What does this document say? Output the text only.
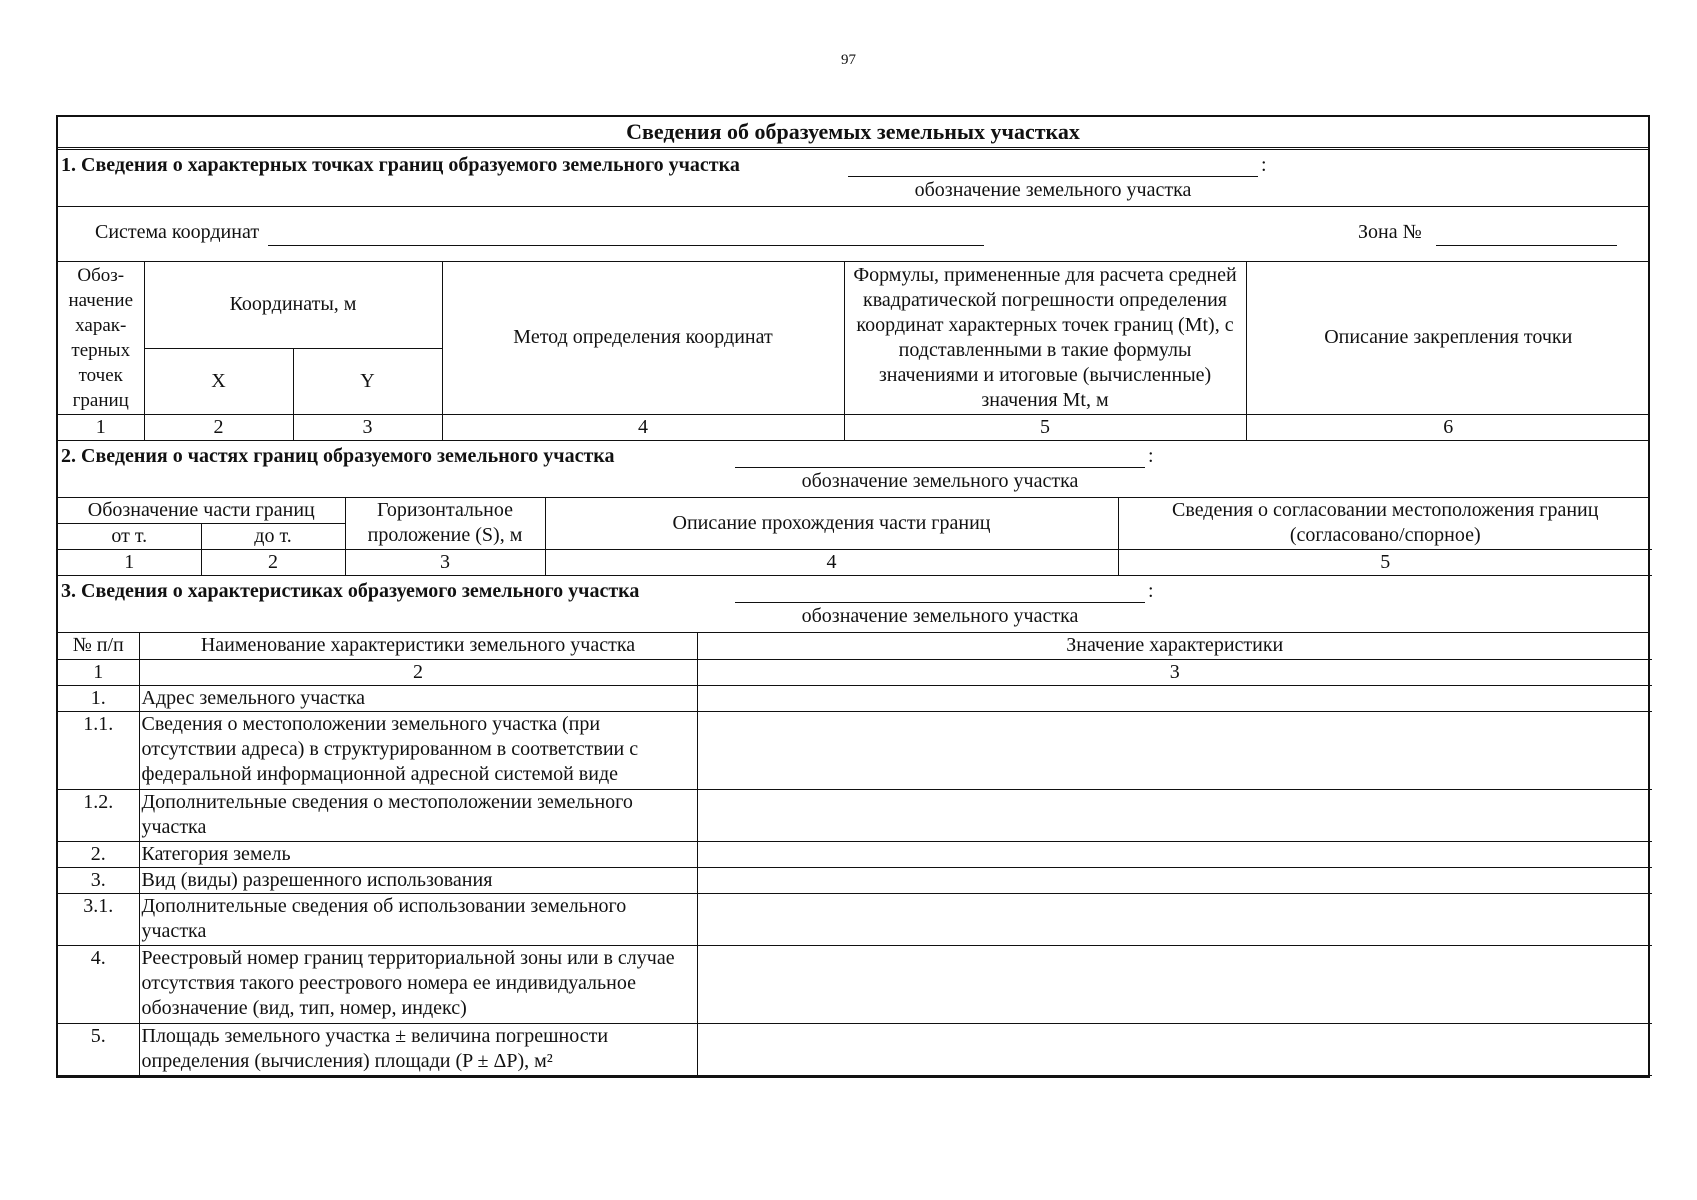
97
Сведения об образуемых земельных участках
1. Сведения о характерных точках границ образуемого земельного участка	:
обозначение земельного участка
Система координат	Зона №
Обоз-начение харак-терных точек границ	Координаты, м		Метод определения координат	Формулы, примененные для расчета средней квадратической погрешности определения координат характерных точек границ (Mt), с подставленными в такие формулы значениями и итоговые (вычисленные) значения Mt, м	Описание закрепления точки
	X	Y			
1	2	3	4	5	6
2. Сведения о частях границ образуемого земельного участка	:
обозначение земельного участка
Обозначение части границ		Горизонтальное проложение (S), м	Описание прохождения части границ	Сведения о согласовании местоположения границ (согласовано/спорное)
от т.	до т.			
1	2	3	4	5
3. Сведения о характеристиках образуемого земельного участка	:
обозначение земельного участка
№ п/п	Наименование характеристики земельного участка	Значение характеристики
1	2	3
1.	Адрес земельного участка	
1.1.	Сведения о местоположении земельного участка (при отсутствии адреса) в структурированном в соответствии с федеральной информационной адресной системой виде	
1.2.	Дополнительные сведения о местоположении земельного участка	
2.	Категория земель	
3.	Вид (виды) разрешенного использования	
3.1.	Дополнительные сведения об использовании земельного участка	
4.	Реестровый номер границ территориальной зоны или в случае отсутствия такого реестрового номера ее индивидуальное обозначение (вид, тип, номер, индекс)	
5.	Площадь земельного участка ± величина погрешности определения (вычисления) площади (P ± ΔP), м²	
